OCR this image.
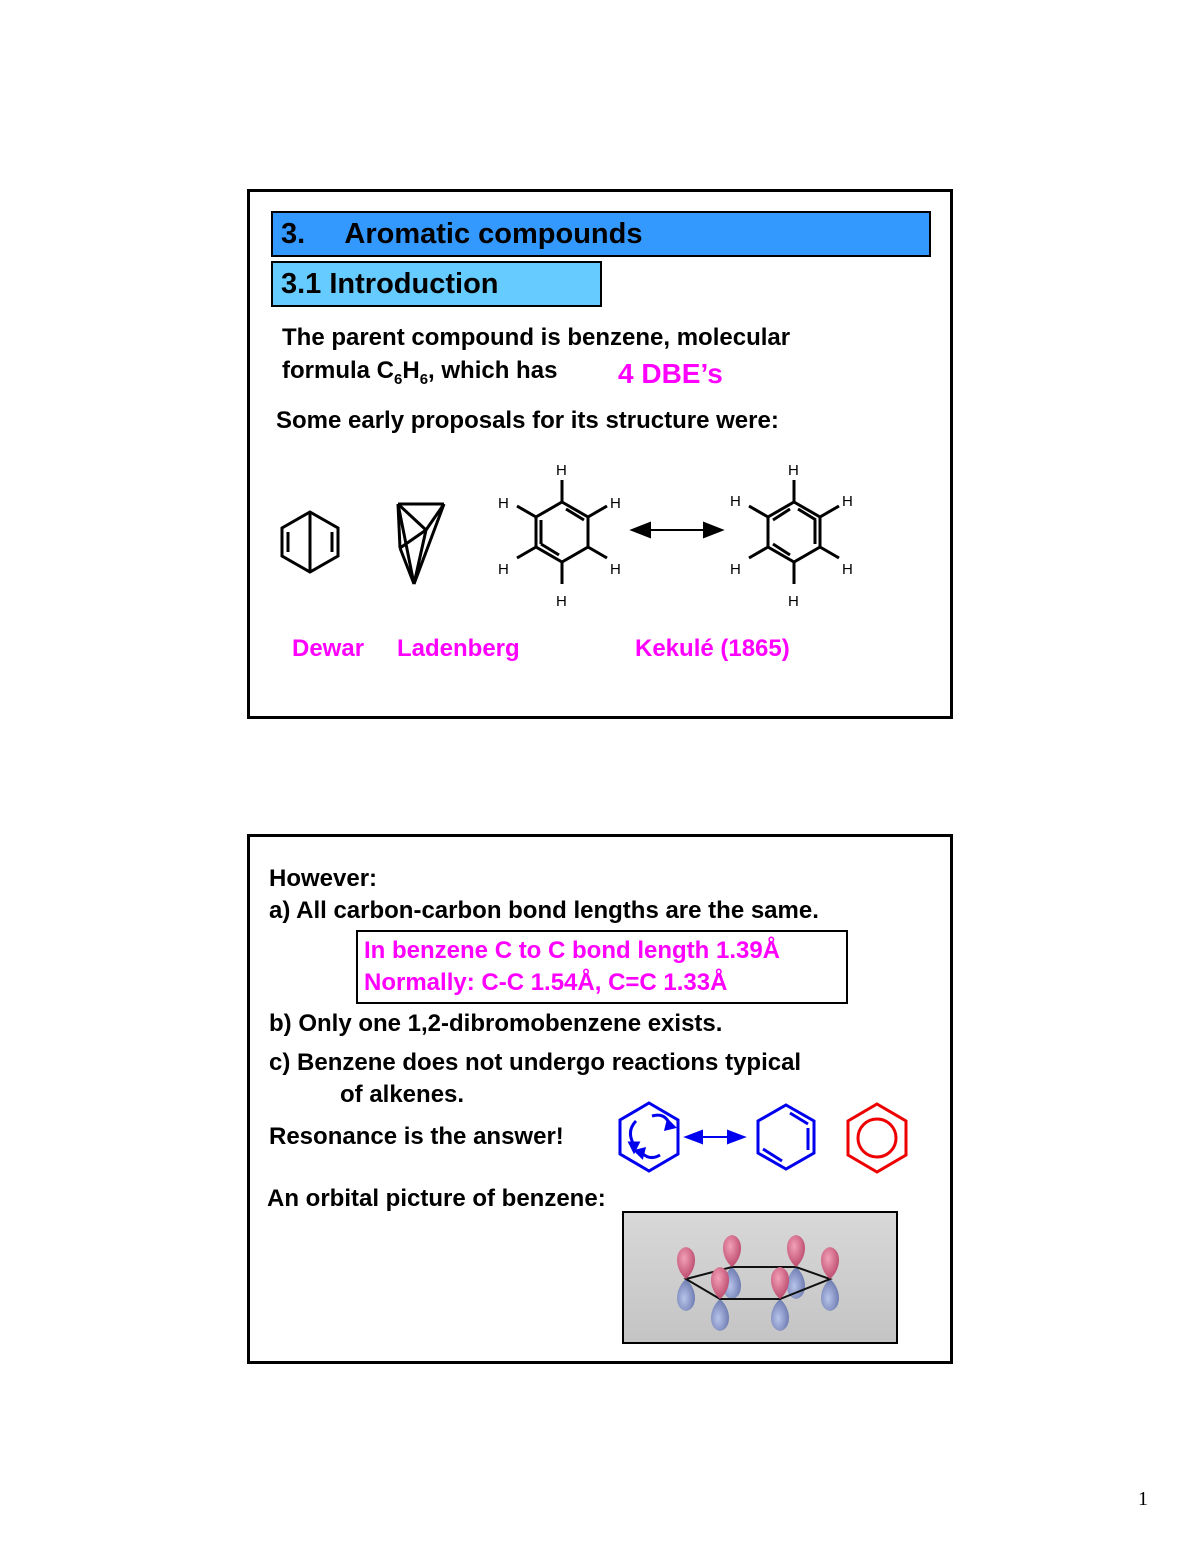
3.     Aromatic compounds
3.1 Introduction
The parent compound is benzene, molecular
formula $C_6H_6$, which has 4 DBE’s
Some early proposals for its structure were:
H
H
H
H
H
H
H
H
H
H
H
H
Dewar Ladenberg	Kekulé (1865)
However:
a) All carbon-carbon bond lengths are the same.
In benzene C to C bond length 1.39Å
Normally: C-C 1.54Å, C=C 1.33Å
b) Only one 1,2-dibromobenzene exists.
c) Benzene does not undergo reactions typical
of alkenes.
Resonance is the answer!
An orbital picture of benzene:
1
